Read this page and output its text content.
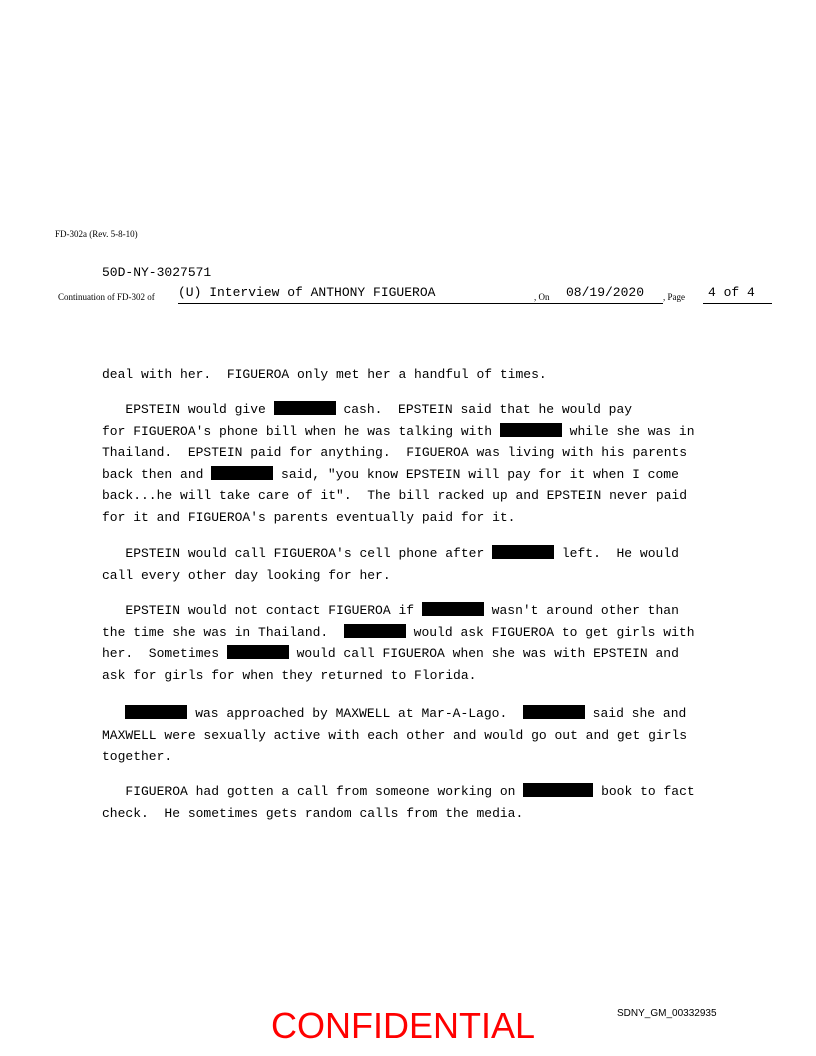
FD-302a (Rev. 5-8-10)
50D-NY-3027571
Continuation of FD-302 of (U) Interview of ANTHONY FIGUEROA	, On 08/19/2020	, Page	4 of 4

deal with her.  FIGUEROA only met her a handful of times.

EPSTEIN would give	cash.  EPSTEIN said that he would pay

for FIGUEROA's phone bill when he was talking with	while she was in

Thailand.  EPSTEIN paid for anything.  FIGUEROA was living with his parents

back then and	said, "you know EPSTEIN will pay for it when I come

back...he will take care of it".  The bill racked up and EPSTEIN never paid

for it and FIGUEROA's parents eventually paid for it.

EPSTEIN would call FIGUEROA's cell phone after	left.  He would

call every other day looking for her.

EPSTEIN would not contact FIGUEROA if	wasn't around other than

the time she was in Thailand.	would ask FIGUEROA to get girls with

her.  Sometimes	would call FIGUEROA when she was with EPSTEIN and

ask for girls for when they returned to Florida.

was approached by MAXWELL at Mar-A-Lago.	said she and

MAXWELL were sexually active with each other and would go out and get girls

together.

FIGUEROA had gotten a call from someone working on	book to fact

check.  He sometimes gets random calls from the media.

SDNY_GM_00332935
CONFIDENTIAL
